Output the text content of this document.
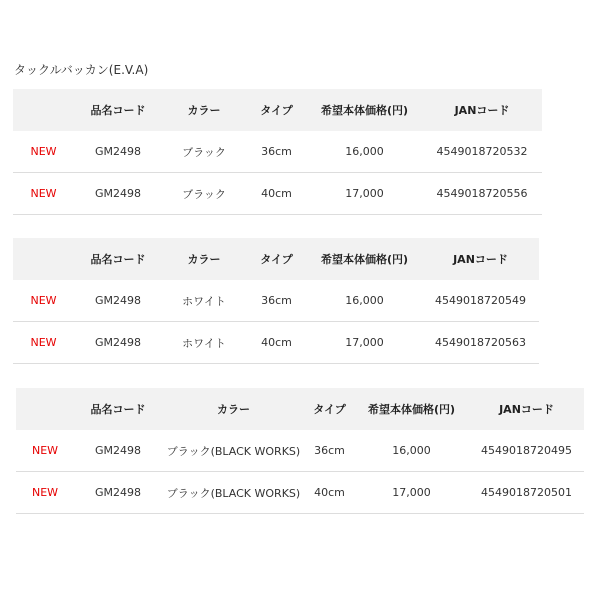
タックルバッカン(E.V.A)
	品名コード	カラー	タイプ	希望本体価格(円)	JANコード
NEW	GM2498	ブラック	36cm	16,000	4549018720532
NEW	GM2498	ブラック	40cm	17,000	4549018720556
	品名コード	カラー	タイプ	希望本体価格(円)	JANコード
NEW	GM2498	ホワイト	36cm	16,000	4549018720549
NEW	GM2498	ホワイト	40cm	17,000	4549018720563
	品名コード	カラー	タイプ	希望本体価格(円)	JANコード
NEW	GM2498	ブラック(BLACK WORKS)	36cm	16,000	4549018720495
NEW	GM2498	ブラック(BLACK WORKS)	40cm	17,000	4549018720501
